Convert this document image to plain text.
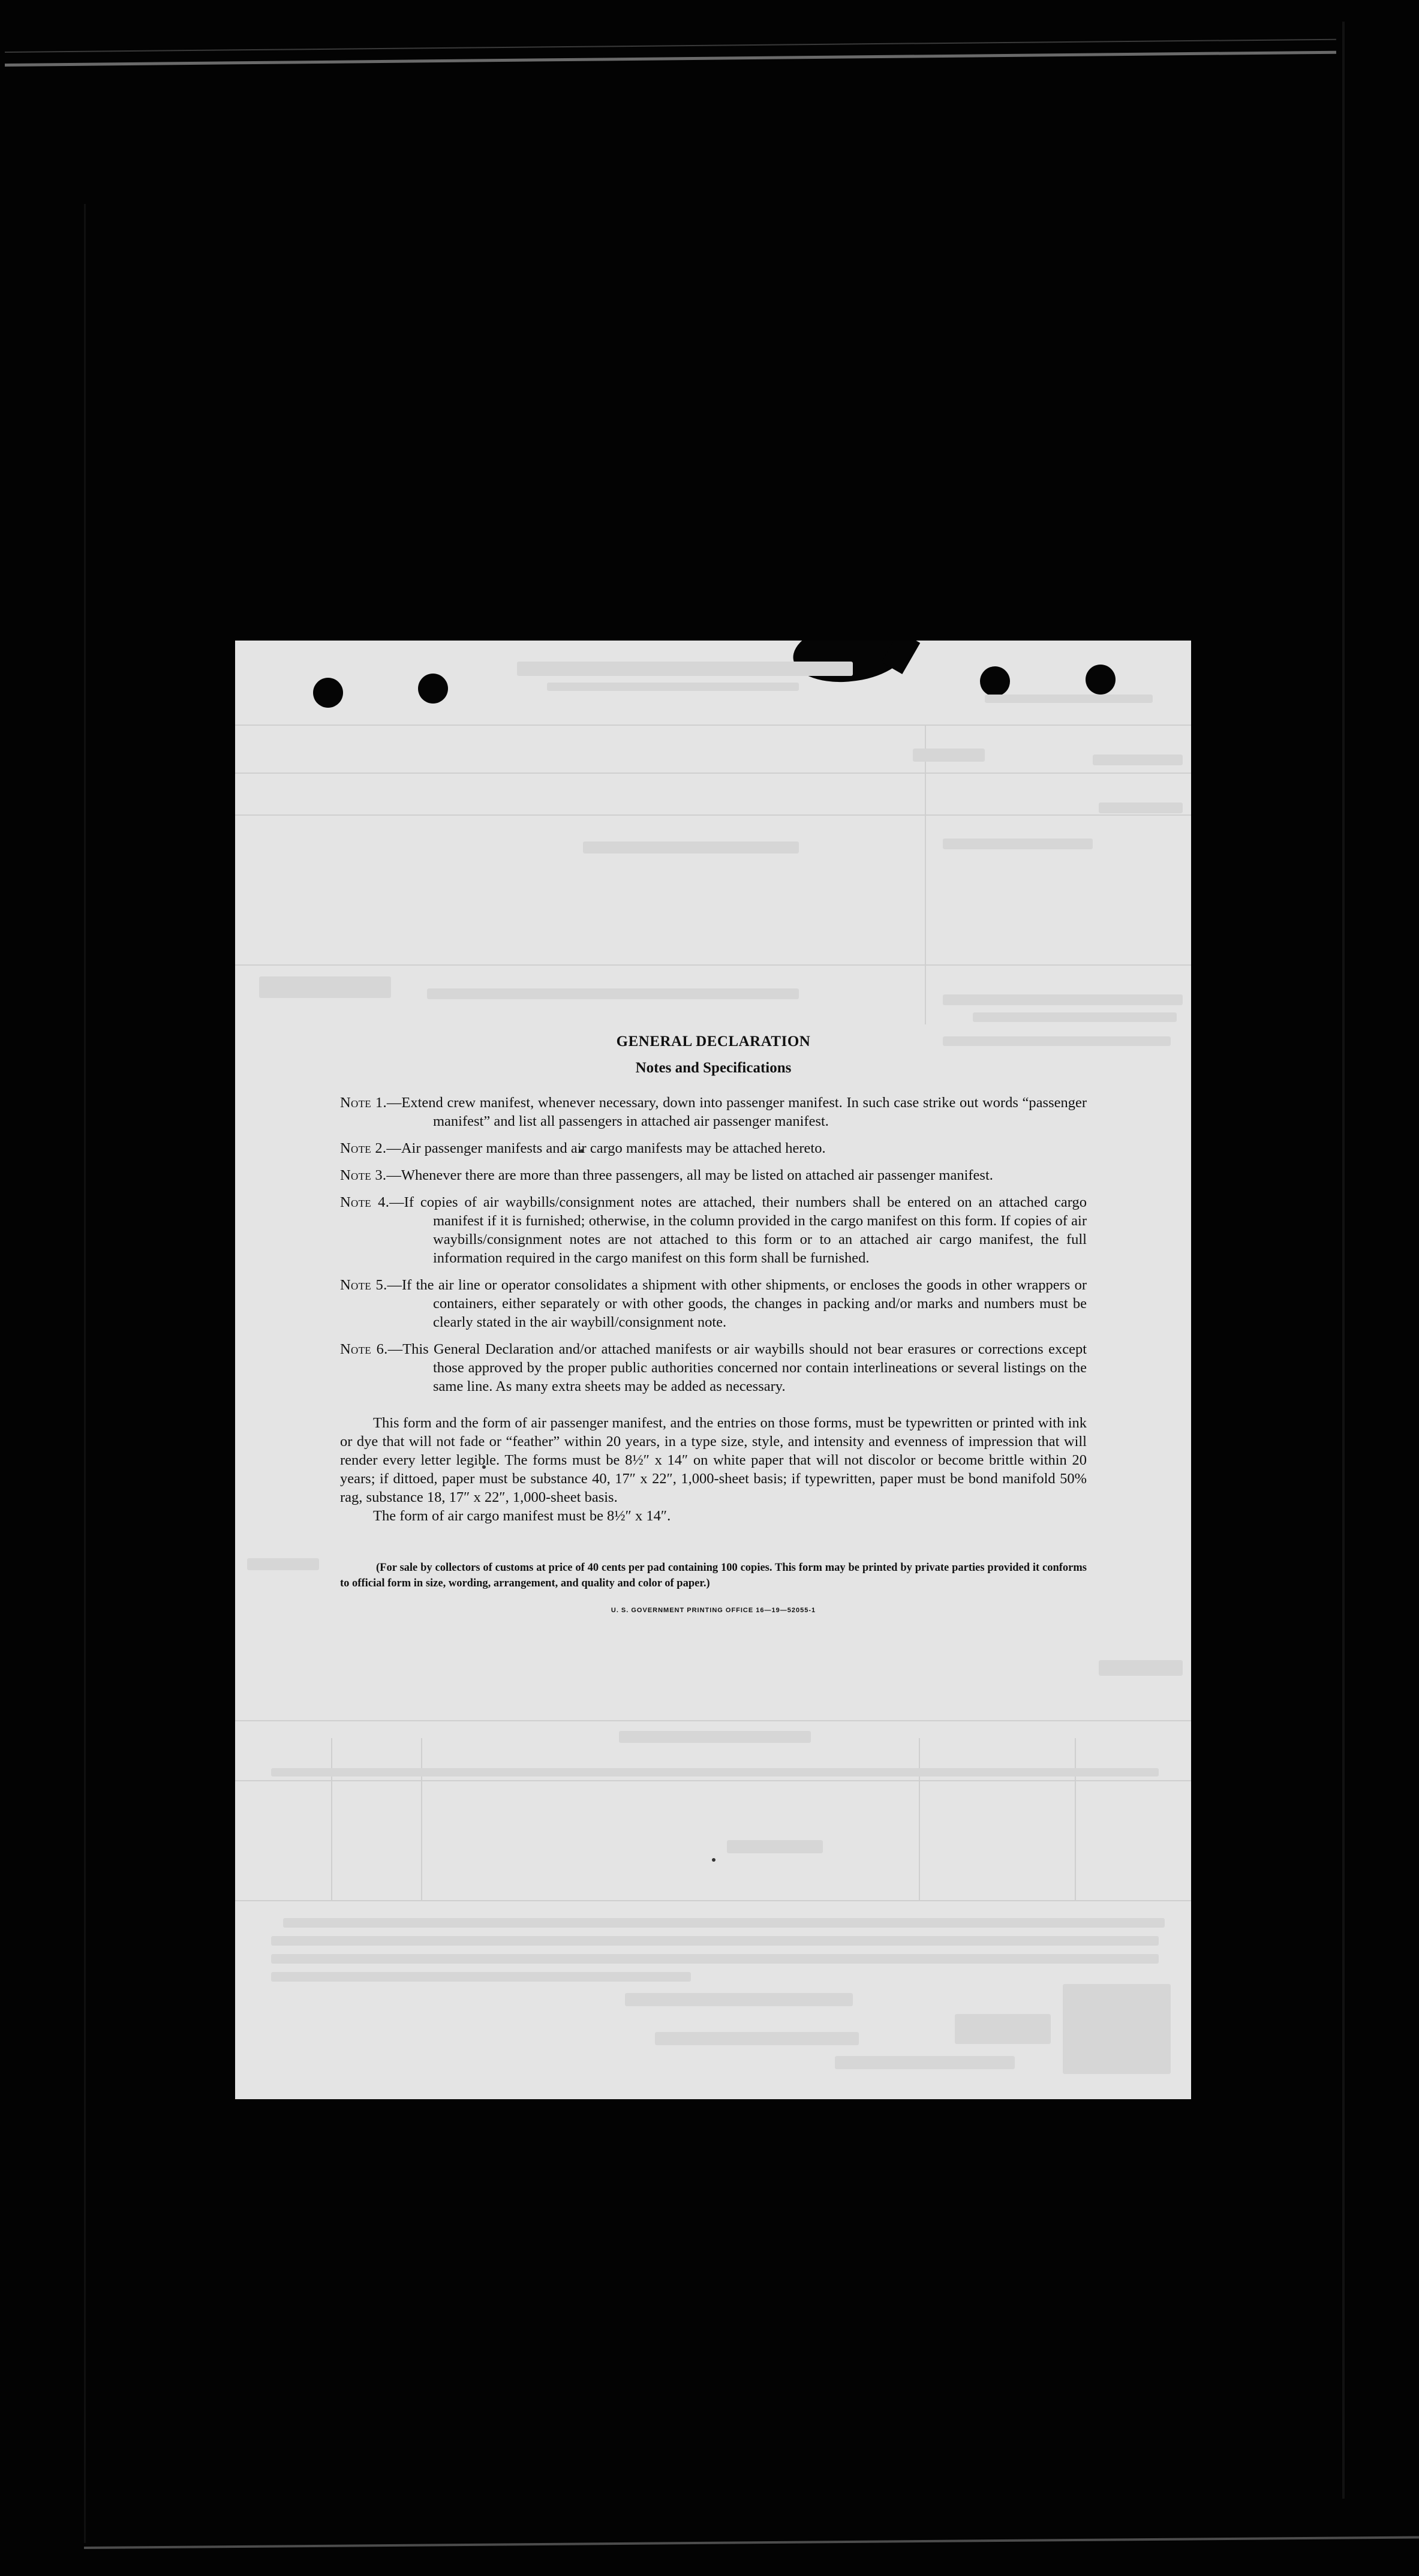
GENERAL DECLARATION
Notes and Specifications
Note 1.—Extend crew manifest, whenever necessary, down into passenger manifest. In such case strike out words “passenger manifest” and list all passengers in attached air passenger manifest.
Note 2.—Air passenger manifests and air cargo manifests may be attached hereto.
Note 3.—Whenever there are more than three passengers, all may be listed on attached air passenger manifest.
Note 4.—If copies of air waybills/consignment notes are attached, their numbers shall be entered on an attached cargo manifest if it is furnished; otherwise, in the column provided in the cargo manifest on this form. If copies of air waybills/consignment notes are not attached to this form or to an attached air cargo manifest, the full information required in the cargo manifest on this form shall be furnished.
Note 5.—If the air line or operator consolidates a shipment with other shipments, or encloses the goods in other wrappers or containers, either separately or with other goods, the changes in packing and/or marks and numbers must be clearly stated in the air waybill/consignment note.
Note 6.—This General Declaration and/or attached manifests or air waybills should not bear erasures or corrections except those approved by the proper public authorities concerned nor contain interlineations or several listings on the same line. As many extra sheets may be added as necessary.
This form and the form of air passenger manifest, and the entries on those forms, must be typewritten or printed with ink or dye that will not fade or “feather” within 20 years, in a type size, style, and intensity and evenness of impression that will render every letter legible. The forms must be 8½″ x 14″ on white paper that will not discolor or become brittle within 20 years; if dittoed, paper must be substance 40, 17″ x 22″, 1,000-sheet basis; if typewritten, paper must be bond manifold 50% rag, substance 18, 17″ x 22″, 1,000-sheet basis.
The form of air cargo manifest must be 8½″ x 14″.
(For sale by collectors of customs at price of 40 cents per pad containing 100 copies. This form may be printed by private parties provided it conforms to official form in size, wording, arrangement, and quality and color of paper.)
U. S. GOVERNMENT PRINTING OFFICE 16—19—52055-1
